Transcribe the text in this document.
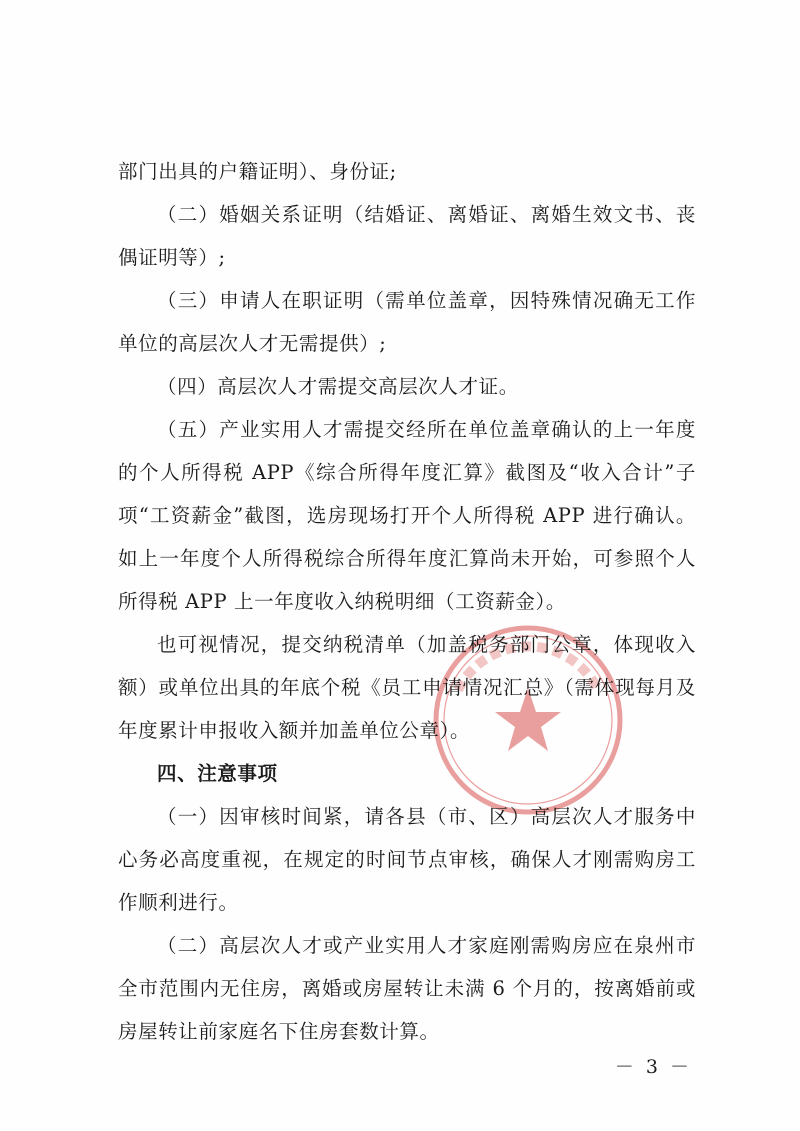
部门出具的户籍证明）、身份证;

（二）婚姻关系证明（结婚证、离婚证、离婚生效文书、丧偶证明等）;

（三）申请人在职证明（需单位盖章，因特殊情况确无工作单位的高层次人才无需提供）;

（四）高层次人才需提交高层次人才证。

（五）产业实用人才需提交经所在单位盖章确认的上一年度的个人所得税 APP《综合所得年度汇算》截图及“收入合计”子项“工资薪金”截图，选房现场打开个人所得税 APP 进行确认。如上一年度个人所得税综合所得年度汇算尚未开始，可参照个人所得税 APP 上一年度收入纳税明细（工资薪金）。

也可视情况，提交纳税清单（加盖税务部门公章，体现收入额）或单位出具的年底个税《员工申请情况汇总》（需体现每月及年度累计申报收入额并加盖单位公章）。

四、注意事项

（一）因审核时间紧，请各县（市、区）高层次人才服务中心务必高度重视，在规定的时间节点审核，确保人才刚需购房工作顺利进行。

（二）高层次人才或产业实用人才家庭刚需购房应在泉州市全市范围内无住房，离婚或房屋转让未满 6 个月的，按离婚前或房屋转让前家庭名下住房套数计算。

－ 3 －
